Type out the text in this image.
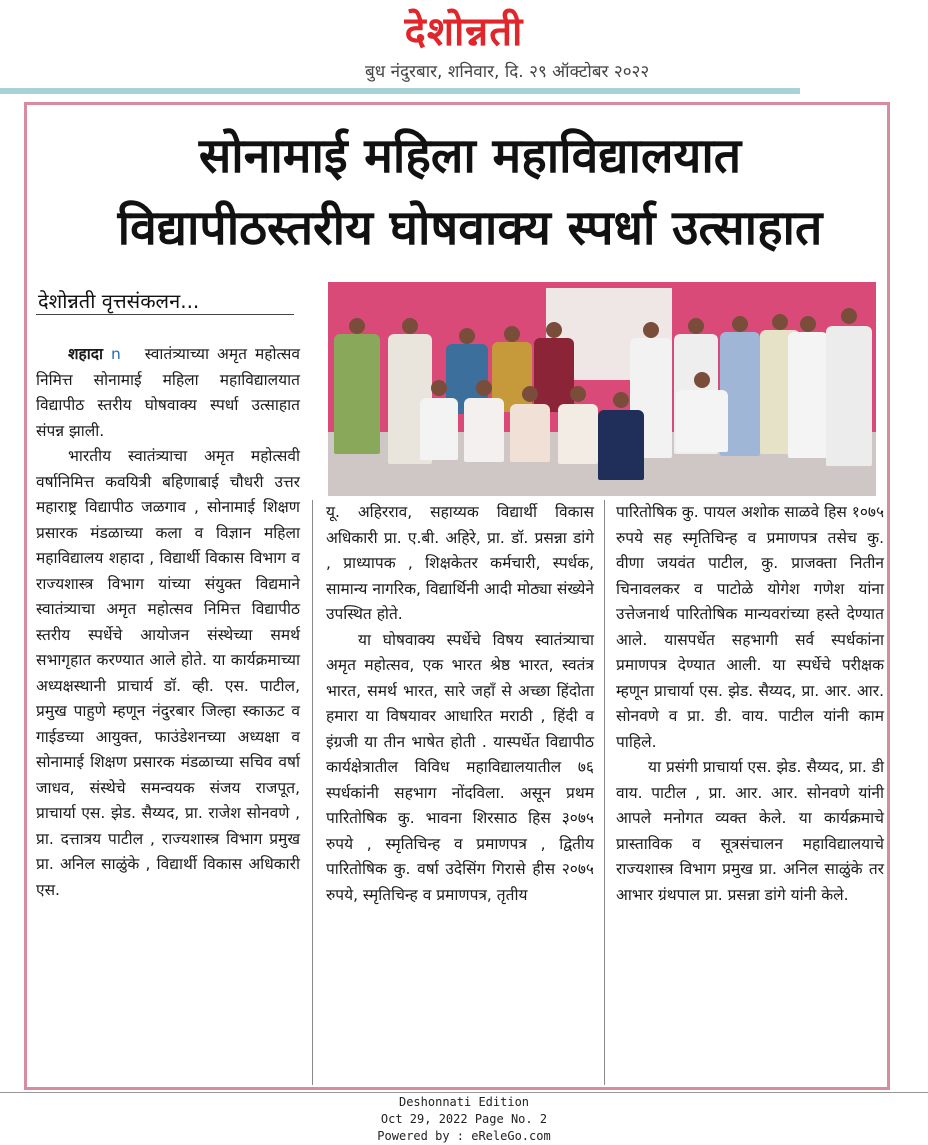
देशोन्नती
बुध नंदुरबार, शनिवार, दि. २९ ऑक्टोबर २०२२
सोनामाई महिला महाविद्यालयात
विद्यापीठस्तरीय घोषवाक्य स्पर्धा उत्साहात
देशोन्नती वृत्तसंकलन...

शहादा n स्वातंत्र्याच्या अमृत महोत्सव निमित्त सोनामाई महिला महाविद्यालयात विद्यापीठ स्तरीय घोषवाक्य स्पर्धा उत्साहात संपन्न झाली.

भारतीय स्वातंत्र्याचा अमृत महोत्सवी वर्षानिमित्त कवयित्री बहिणाबाई चौधरी उत्तर महाराष्ट्र विद्यापीठ जळगाव , सोनामाई शिक्षण प्रसारक मंडळाच्या कला व विज्ञान महिला महाविद्यालय शहादा , विद्यार्थी विकास विभाग व राज्यशास्त्र विभाग यांच्या संयुक्त विद्यमाने स्वातंत्र्याचा अमृत महोत्सव निमित्त विद्यापीठ स्तरीय स्पर्धेचे आयोजन संस्थेच्या समर्थ सभागृहात करण्यात आले होते. या कार्यक्रमाच्या अध्यक्षस्थानी प्राचार्य डॉ. व्ही. एस. पाटील, प्रमुख पाहुणे म्हणून नंदुरबार जिल्हा स्काऊट व गाईडच्या आयुक्त, फाउंडेशनच्या अध्यक्षा व सोनामाई शिक्षण प्रसारक मंडळाच्या सचिव वर्षा जाधव, संस्थेचे समन्वयक संजय राजपूत, प्राचार्या एस. झेड. सैय्यद, प्रा. राजेश सोनवणे , प्रा. दत्तात्रय पाटील , राज्यशास्त्र विभाग प्रमुख प्रा. अनिल साळुंके , विद्यार्थी विकास अधिकारी एस.

यू. अहिरराव, सहाय्यक विद्यार्थी विकास अधिकारी प्रा. ए.बी. अहिरे, प्रा. डॉ. प्रसन्ना डांगे , प्राध्यापक , शिक्षकेतर कर्मचारी, स्पर्धक, सामान्य नागरिक, विद्यार्थिनी आदी मोठ्या संख्येने उपस्थित होते.

या घोषवाक्य स्पर्धेचे विषय स्वातंत्र्याचा अमृत महोत्सव, एक भारत श्रेष्ठ भारत, स्वतंत्र भारत, समर्थ भारत, सारे जहाँ से अच्छा हिंदोता हमारा या विषयावर आधारित मराठी , हिंदी व इंग्रजी या तीन भाषेत होती . यास्पर्धेत विद्यापीठ कार्यक्षेत्रातील विविध महाविद्यालयातील ७६ स्पर्धकांनी सहभाग नोंदविला. असून प्रथम पारितोषिक कु. भावना शिरसाठ हिस ३०७५ रुपये , स्मृतिचिन्ह व प्रमाणपत्र , द्वितीय पारितोषिक कु. वर्षा उदेसिंग गिरासे हीस २०७५ रुपये, स्मृतिचिन्ह व प्रमाणपत्र, तृतीय

पारितोषिक कु. पायल अशोक साळवे हिस १०७५ रुपये सह स्मृतिचिन्ह व प्रमाणपत्र तसेच कु. वीणा जयवंत पाटील, कु. प्राजक्ता नितीन चिनावलकर व पाटोळे योगेश गणेश यांना उत्तेजनार्थ पारितोषिक मान्यवरांच्या हस्ते देण्यात आले. यासपर्धेत सहभागी सर्व स्पर्धकांना प्रमाणपत्र देण्यात आली. या स्पर्धेचे परीक्षक म्हणून प्राचार्या एस. झेड. सैय्यद, प्रा. आर. आर. सोनवणे व प्रा. डी. वाय. पाटील यांनी काम पाहिले.

या प्रसंगी प्राचार्या एस. झेड. सैय्यद, प्रा. डी वाय. पाटील , प्रा. आर. आर. सोनवणे यांनी आपले मनोगत व्यक्त केले. या कार्यक्रमाचे प्रास्ताविक व सूत्रसंचालन महाविद्यालयाचे राज्यशास्त्र विभाग प्रमुख प्रा. अनिल साळुंके तर आभार ग्रंथपाल प्रा. प्रसन्ना डांगे यांनी केले.

Deshonnati Edition
Oct 29, 2022 Page No. 2
Powered by : eReleGo.com
